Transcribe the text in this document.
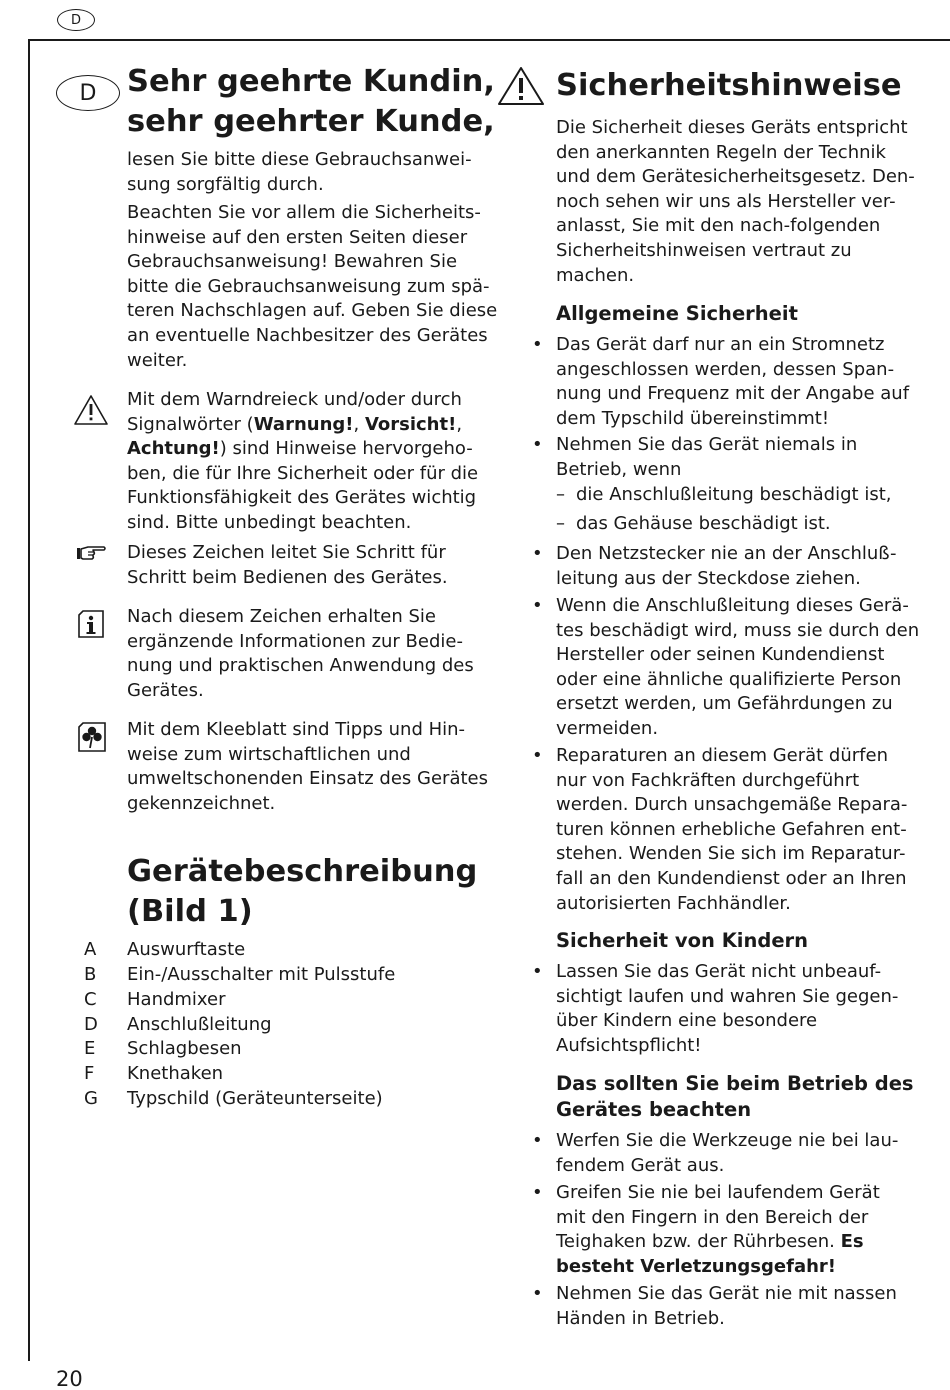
D
D
20
Sehr geehrte Kundin,
sehr geehrter Kunde,
lesen Sie bitte diese Gebrauchsanwei-
sung sorgfältig durch.
Beachten Sie vor allem die Sicherheits-
hinweise auf den ersten Seiten dieser
Gebrauchsanweisung! Bewahren Sie
bitte die Gebrauchsanweisung zum spä-
teren Nachschlagen auf. Geben Sie diese
an eventuelle Nachbesitzer des Gerätes
weiter.
Mit dem Warndreieck und/oder durch
Signalwörter (Warnung!, Vorsicht!,
Achtung!) sind Hinweise hervorgeho-
ben, die für Ihre Sicherheit oder für die
Funktionsfähigkeit des Gerätes wichtig
sind. Bitte unbedingt beachten.
Dieses Zeichen leitet Sie Schritt für
Schritt beim Bedienen des Gerätes.
Nach diesem Zeichen erhalten Sie
ergänzende Informationen zur Bedie-
nung und praktischen Anwendung des
Gerätes.
Mit dem Kleeblatt sind Tipps und Hin-
weise zum wirtschaftlichen und
umweltschonenden Einsatz des Gerätes
gekennzeichnet.
Gerätebeschreibung
(Bild 1)
A	Auswurftaste
B	Ein-/Ausschalter mit Pulsstufe
C	Handmixer
D	Anschlußleitung
E	Schlagbesen
F	Knethaken
G	Typschild (Geräteunterseite)
Sicherheitshinweise
Die Sicherheit dieses Geräts entspricht
den anerkannten Regeln der Technik
und dem Gerätesicherheitsgesetz. Den-
noch sehen wir uns als Hersteller ver-
anlasst, Sie mit den nach-folgenden
Sicherheitshinweisen vertraut zu
machen.
Allgemeine Sicherheit
• Das Gerät darf nur an ein Stromnetz
angeschlossen werden, dessen Span-
nung und Frequenz mit der Angabe auf
dem Typschild übereinstimmt!
• Nehmen Sie das Gerät niemals in
Betrieb, wenn
– die Anschlußleitung beschädigt ist,
– das Gehäuse beschädigt ist.
• Den Netzstecker nie an der Anschluß-
leitung aus der Steckdose ziehen.
• Wenn die Anschlußleitung dieses Gerä-
tes beschädigt wird, muss sie durch den
Hersteller oder seinen Kundendienst
oder eine ähnliche qualifizierte Person
ersetzt werden, um Gefährdungen zu
vermeiden.
• Reparaturen an diesem Gerät dürfen
nur von Fachkräften durchgeführt
werden. Durch unsachgemäße Repara-
turen können erhebliche Gefahren ent-
stehen. Wenden Sie sich im Reparatur-
fall an den Kundendienst oder an Ihren
autorisierten Fachhändler.
Sicherheit von Kindern
• Lassen Sie das Gerät nicht unbeauf-
sichtigt laufen und wahren Sie gegen-
über Kindern eine besondere
Aufsichtspflicht!
Das sollten Sie beim Betrieb des
Gerätes beachten
• Werfen Sie die Werkzeuge nie bei lau-
fendem Gerät aus.
• Greifen Sie nie bei laufendem Gerät
mit den Fingern in den Bereich der
Teighaken bzw. der Rührbesen. Es
besteht Verletzungsgefahr!
• Nehmen Sie das Gerät nie mit nassen
Händen in Betrieb.
